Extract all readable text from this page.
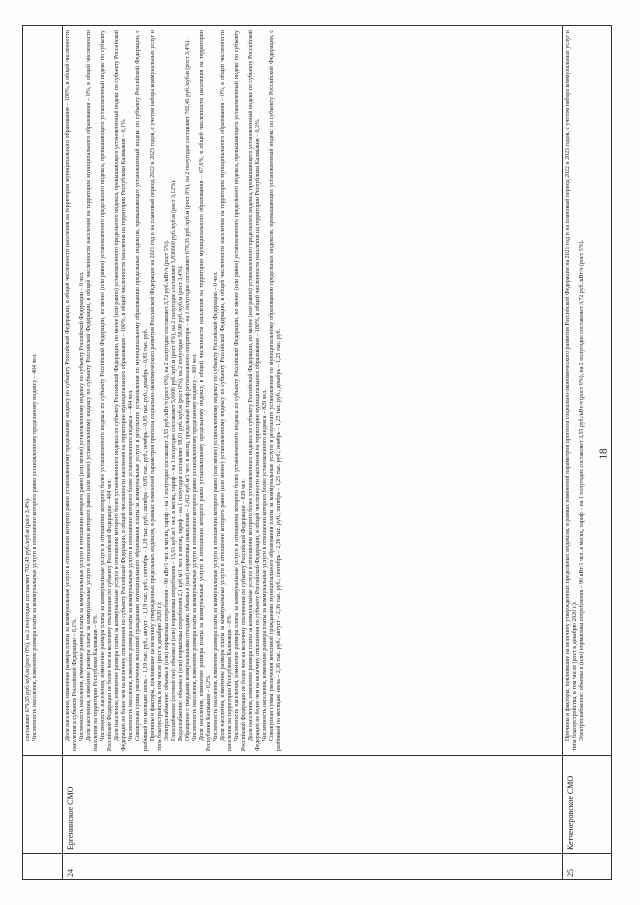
составляет 679,35 руб./куб.м (рост 0%), на 2 полугодие составляет 702,45 руб./куб.м (рост 3,4%). Численность населения, изменение размера платы за коммунальные услуги в отношении которого равно установленному предельному индексу – 404 чел.

24
Ергенинское СМО

Доля населения, изменение размера платы за коммунальные услуги в отношении которого равно установленному предельному индексу по субъекту Российской Федерации, в общей численности населения на территории муниципального образования – 100%, в общей численности населения в субъекте Российской Федерации – 0,1%. Численность населения, изменение размера платы за коммунальные услуги в отношении которого равно (или менее) установленному индексу по субъекту Российской Федерации – 0 чел. Доля населения, изменение размера платы за коммунальные услуги в отношении которого равно (или менее) установленному индексу по субъекту Российской Федерации, в общей численности населения на территории муниципального образования – 0%, в общей численности населения на территории Республики Калмыкия – 0%. Численность населения, изменение размера платы за коммунальные услуги в отношении которого более установленного индекса по субъекту Российской Федерации, но менее (или равно) установленного предельного индекса, превышающего установленный индекс по субъекту Российской Федерации не более чем на величину отклонения по субъекту Российской Федерации – 404 чел. Доля населения, изменение размера платы за коммунальные услуги в отношении которого более установленного индекса по субъекту Российской Федерации, но менее (или равно) установленного предельного индекса, превышающего установленный индекс по субъекту Российской Федерации не более чем на величину отклонения по субъекту Российской Федерации, в общей численности населения на территории муниципального образования – 100%, в общей численности населения на территории Республики Калмыкия – 0,1%. Численность населения, изменение размера платы за коммунальные услуги в отношении которого более установленного индекса – 404 чел. Совокупная сумма увеличения вносимой гражданами муниципального образования платы за коммунальные услуги в результате установления по муниципальному образованию предельных индексов, превышающих установленный индекс по субъекту Российской Федерации, с разбивкой по месяцам: июль – 1,19 тыс. руб.; август – 1,19 тыс. руб.; сентябрь – 1,19 тыс. руб.; октябрь – 0,85 тыс. руб.; ноябрь – 0,85 тыс. руб.; декабрь – 0,85 тыс. руб. Причины и факторы, повлиявшие на величину утвержденных предельных индексов, в рамках изменений параметров прогноза социально-экономического развития Российской Федерации на 2021 год и на плановый период 2022 и 2023 годов, с учетом набора коммунальных услуг и типа благоустройства, в том числе (рост к декабрю 2020 г.): Электроснабжение: объемы и (или) нормативы потребления – 90 кВт/1 чел. в месяц, тариф – на 1 полугодие составляет 3,55 руб./кВт/ч (рост 0%), на 2 полугодие составляет 3,72 руб./кВт/ч (рост 5%). Газоснабжение (сетевой газ): объемы и (или) нормативы потребления – 15,01 куб.м/1 чел. в месяц, тариф – на 1 полугодие составляет 5,6606 руб./куб.м (рост 0%), на 2 полугодие составляет 5,836660 руб./куб.м (рост 3,12%). Водоснабжение: объемы и (или) нормативы потребления 2,1 куб.м/1 чел. в месяц, тариф – на 1 полугодие составляет 58,01 руб./куб.м (рост 0%), на 2 полугодие 59,98 руб./куб.м (рост 3,4%). Обращение с твердыми коммунальными отходами: объемы и (или) нормативы накопления – 1,412 куб.м/1 чел. в месяц, предельный тариф регионального оператора – на 1 полугодие составляет 679,35 руб./куб.м (рост 0%), на 2 полугодие составляет 702,45 руб./куб.м (рост 3,4%). Численность населения, изменение размера платы за коммунальные услуги в отношении которого равно установленному предельному индексу – 360 чел. Доля населения, изменение размера платы за коммунальные услуги в отношении которого равно установленному предельному индексу, в общей численности населения на территории муниципального образования – 67,6%, в общей численности населения на территории Республики Калмыкия – 0,2%. Численность населения, изменение размера платы за коммунальные услуги в отношении которого равно (или менее) установленному индексу по субъекту Российской Федерации – 0 чел. Доля населения, изменение размера платы за коммунальные услуги в отношении которого равно (или менее) установленному индексу по субъекту Российской Федерации, в общей численности населения на территории муниципального образования – 0%, в общей численности населения на территории Республики Калмыкия – 0%. Численность населения, изменение размера платы за коммунальные услуги в отношении которого более установленного индекса по субъекту Российской Федерации, но менее (или равно) установленного предельного индекса, превышающего установленный индекс по субъекту Российской Федерации не более чем на величину отклонения по субъекту Российской Федерации – 829 чел. Доля населения, изменение размера платы за коммунальные услуги в отношении которого более установленного индекса по субъекту Российской Федерации, но менее (или равно) установленного предельного индекса, превышающего установленный индекс по субъекту Российской Федерации не более чем на величину отклонения по субъекту Российской Федерации, в общей численности населения на территории муниципального образования – 100%, в общей численности населения на территории Республики Калмыкия – 0,3%. Численность населения, изменение размера платы за коммунальные услуги в отношении которого более установленного индекса – 829 чел. Совокупная сумма увеличения вносимой гражданами муниципального образования платы за коммунальные услуги в результате установления по муниципальному образованию предельных индексов, превышающих установленный индекс по субъекту Российской Федерации, с разбивкой по месяцам: июль – 2,36 тыс. руб.; август – 2,36 тыс. руб.; сентябрь – 2,36 тыс. руб.; октябрь – 1,25 тыс. руб.; ноябрь – 1,25 тыс. руб.; декабрь – 1,25 тыс. руб.

25
Кетченеровское СМО

Причины и факторы, повлиявшие на величину утвержденных предельных индексов, в рамках изменений параметров прогноза социально-экономического развития Российской Федерации на 2021 год и на плановый период 2022 и 2023 годов, с учетом набора коммунальных услуг и типа благоустройства, в том числе (рост к декабрю 2020 г.): Электроснабжение: объемы и (или) нормативы потребления – 90 кВт/1 чел. в месяц, тариф – на 1 полугодие составляет 3,55 руб./кВт/ч (рост 0%), на 2 полугодие составляет 3,72 руб./кВт/ч (рост 5%). 18
